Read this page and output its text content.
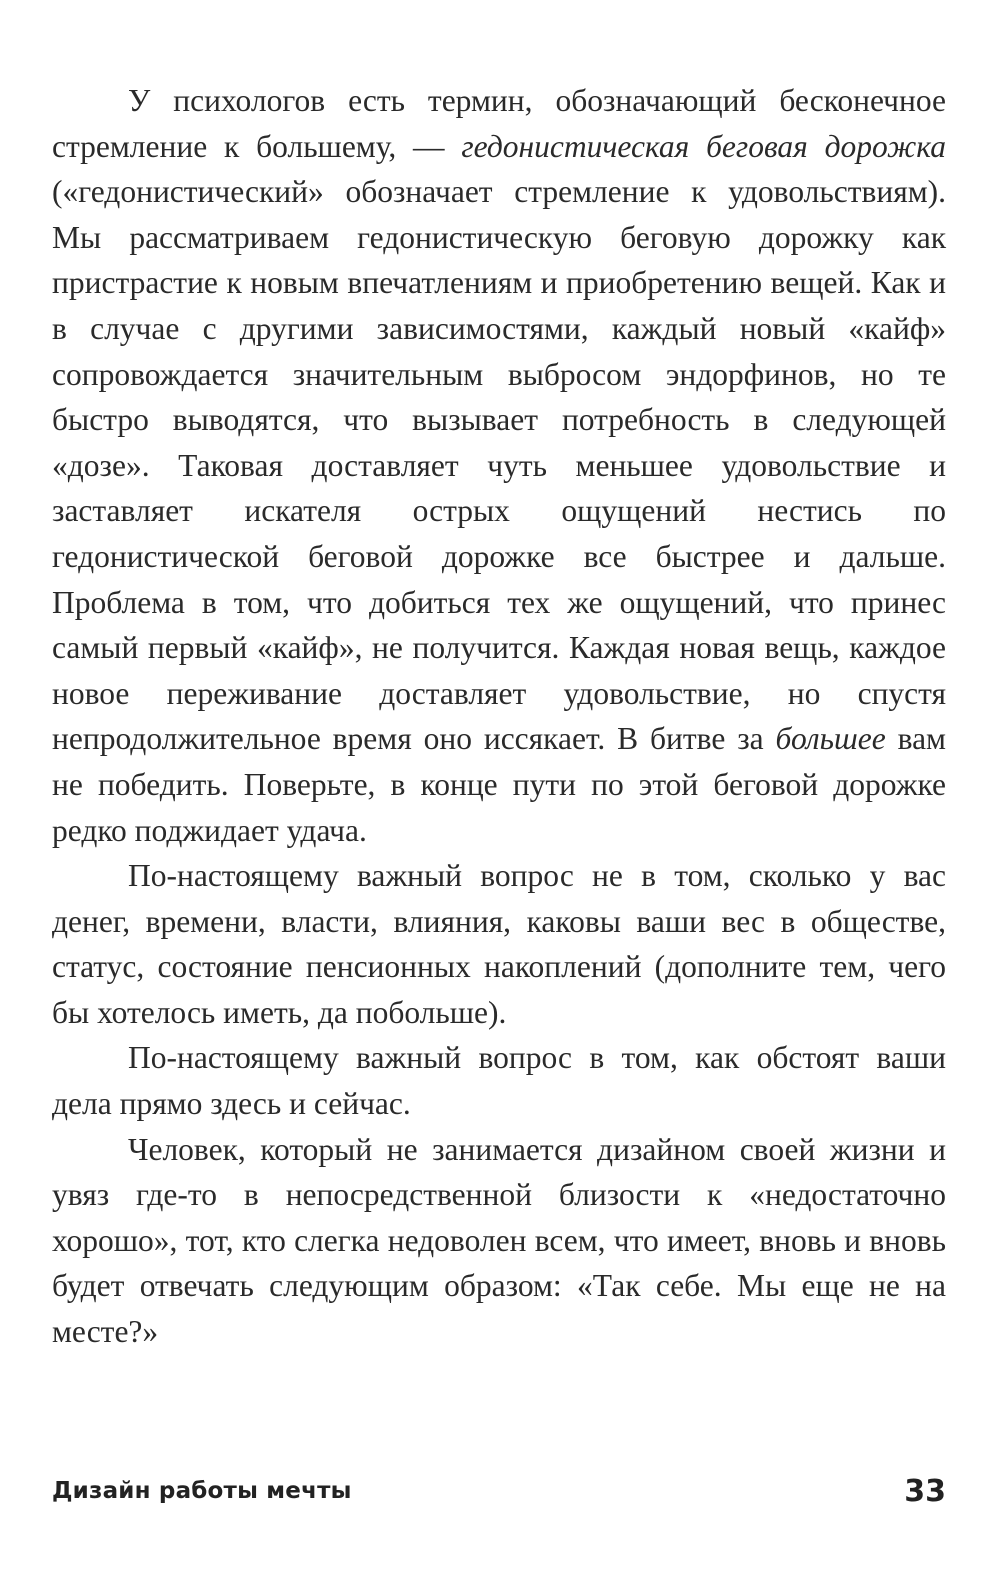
У психологов есть термин, обозначающий бесконечное стремление к большему, — гедонистическая беговая дорожка («гедонистический» обозначает стремление к удовольствиям). Мы рассматриваем гедонистическую беговую дорожку как пристрастие к новым впечатлениям и приобретению вещей. Как и в случае с другими зависимостями, каждый новый «кайф» сопровождается значительным выбросом эндорфинов, но те быстро выводятся, что вызывает потребность в следующей «дозе». Таковая доставляет чуть меньшее удовольствие и заставляет искателя острых ощущений нестись по гедонистической беговой дорожке все быстрее и дальше. Проблема в том, что добиться тех же ощущений, что принес самый первый «кайф», не получится. Каждая новая вещь, каждое новое переживание доставляет удовольствие, но спустя непродолжительное время оно иссякает. В битве за большее вам не победить. Поверьте, в конце пути по этой беговой дорожке редко поджидает удача.

По-настоящему важный вопрос не в том, сколько у вас денег, времени, власти, влияния, каковы ваши вес в обществе, статус, состояние пенсионных накоплений (дополните тем, чего бы хотелось иметь, да побольше).

По-настоящему важный вопрос в том, как обстоят ваши дела прямо здесь и сейчас.

Человек, который не занимается дизайном своей жизни и увяз где-то в непосредственной близости к «недостаточно хорошо», тот, кто слегка недоволен всем, что имеет, вновь и вновь будет отвечать следующим образом: «Так себе. Мы еще не на месте?»

Дизайн работы мечты	33
